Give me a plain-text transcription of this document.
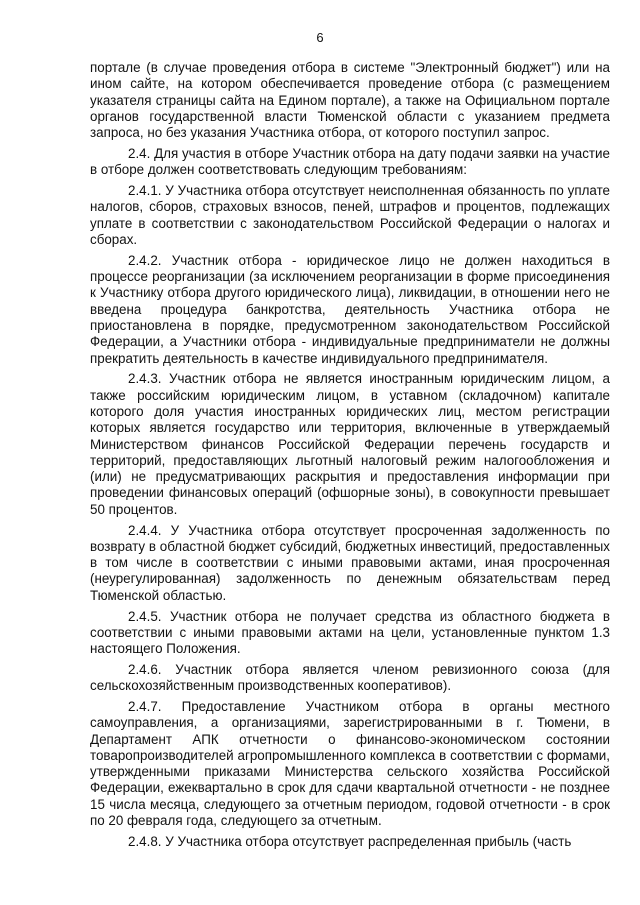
6

портале (в случае проведения отбора в системе "Электронный бюджет") или на ином сайте, на котором обеспечивается проведение отбора (с размещением указателя страницы сайта на Едином портале), а также на Официальном портале органов государственной власти Тюменской области с указанием предмета запроса, но без указания Участника отбора, от которого поступил запрос.

2.4. Для участия в отборе Участник отбора на дату подачи заявки на участие в отборе должен соответствовать следующим требованиям:

2.4.1. У Участника отбора отсутствует неисполненная обязанность по уплате налогов, сборов, страховых взносов, пеней, штрафов и процентов, подлежащих уплате в соответствии с законодательством Российской Федерации о налогах и сборах.

2.4.2. Участник отбора - юридическое лицо не должен находиться в процессе реорганизации (за исключением реорганизации в форме присоединения к Участнику отбора другого юридического лица), ликвидации, в отношении него не введена процедура банкротства, деятельность Участника отбора не приостановлена в порядке, предусмотренном законодательством Российской Федерации, а Участники отбора - индивидуальные предприниматели не должны прекратить деятельность в качестве индивидуального предпринимателя.

2.4.3. Участник отбора не является иностранным юридическим лицом, а также российским юридическим лицом, в уставном (складочном) капитале которого доля участия иностранных юридических лиц, местом регистрации которых является государство или территория, включенные в утверждаемый Министерством финансов Российской Федерации перечень государств и территорий, предоставляющих льготный налоговый режим налогообложения и (или) не предусматривающих раскрытия и предоставления информации при проведении финансовых операций (офшорные зоны), в совокупности превышает 50 процентов.

2.4.4. У Участника отбора отсутствует просроченная задолженность по возврату в областной бюджет субсидий, бюджетных инвестиций, предоставленных в том числе в соответствии с иными правовыми актами, иная просроченная (неурегулированная) задолженность по денежным обязательствам перед Тюменской областью.

2.4.5. Участник отбора не получает средства из областного бюджета в соответствии с иными правовыми актами на цели, установленные пунктом 1.3 настоящего Положения.

2.4.6. Участник отбора является членом ревизионного союза (для сельскохозяйственным производственных кооперативов).

2.4.7. Предоставление Участником отбора в органы местного самоуправления, а организациями, зарегистрированными в г. Тюмени, в Департамент АПК отчетности о финансово-экономическом состоянии товаропроизводителей агропромышленного комплекса в соответствии с формами, утвержденными приказами Министерства сельского хозяйства Российской Федерации, ежеквартально в срок для сдачи квартальной отчетности - не позднее 15 числа месяца, следующего за отчетным периодом, годовой отчетности - в срок по 20 февраля года, следующего за отчетным.

2.4.8. У Участника отбора отсутствует распределенная прибыль (часть
